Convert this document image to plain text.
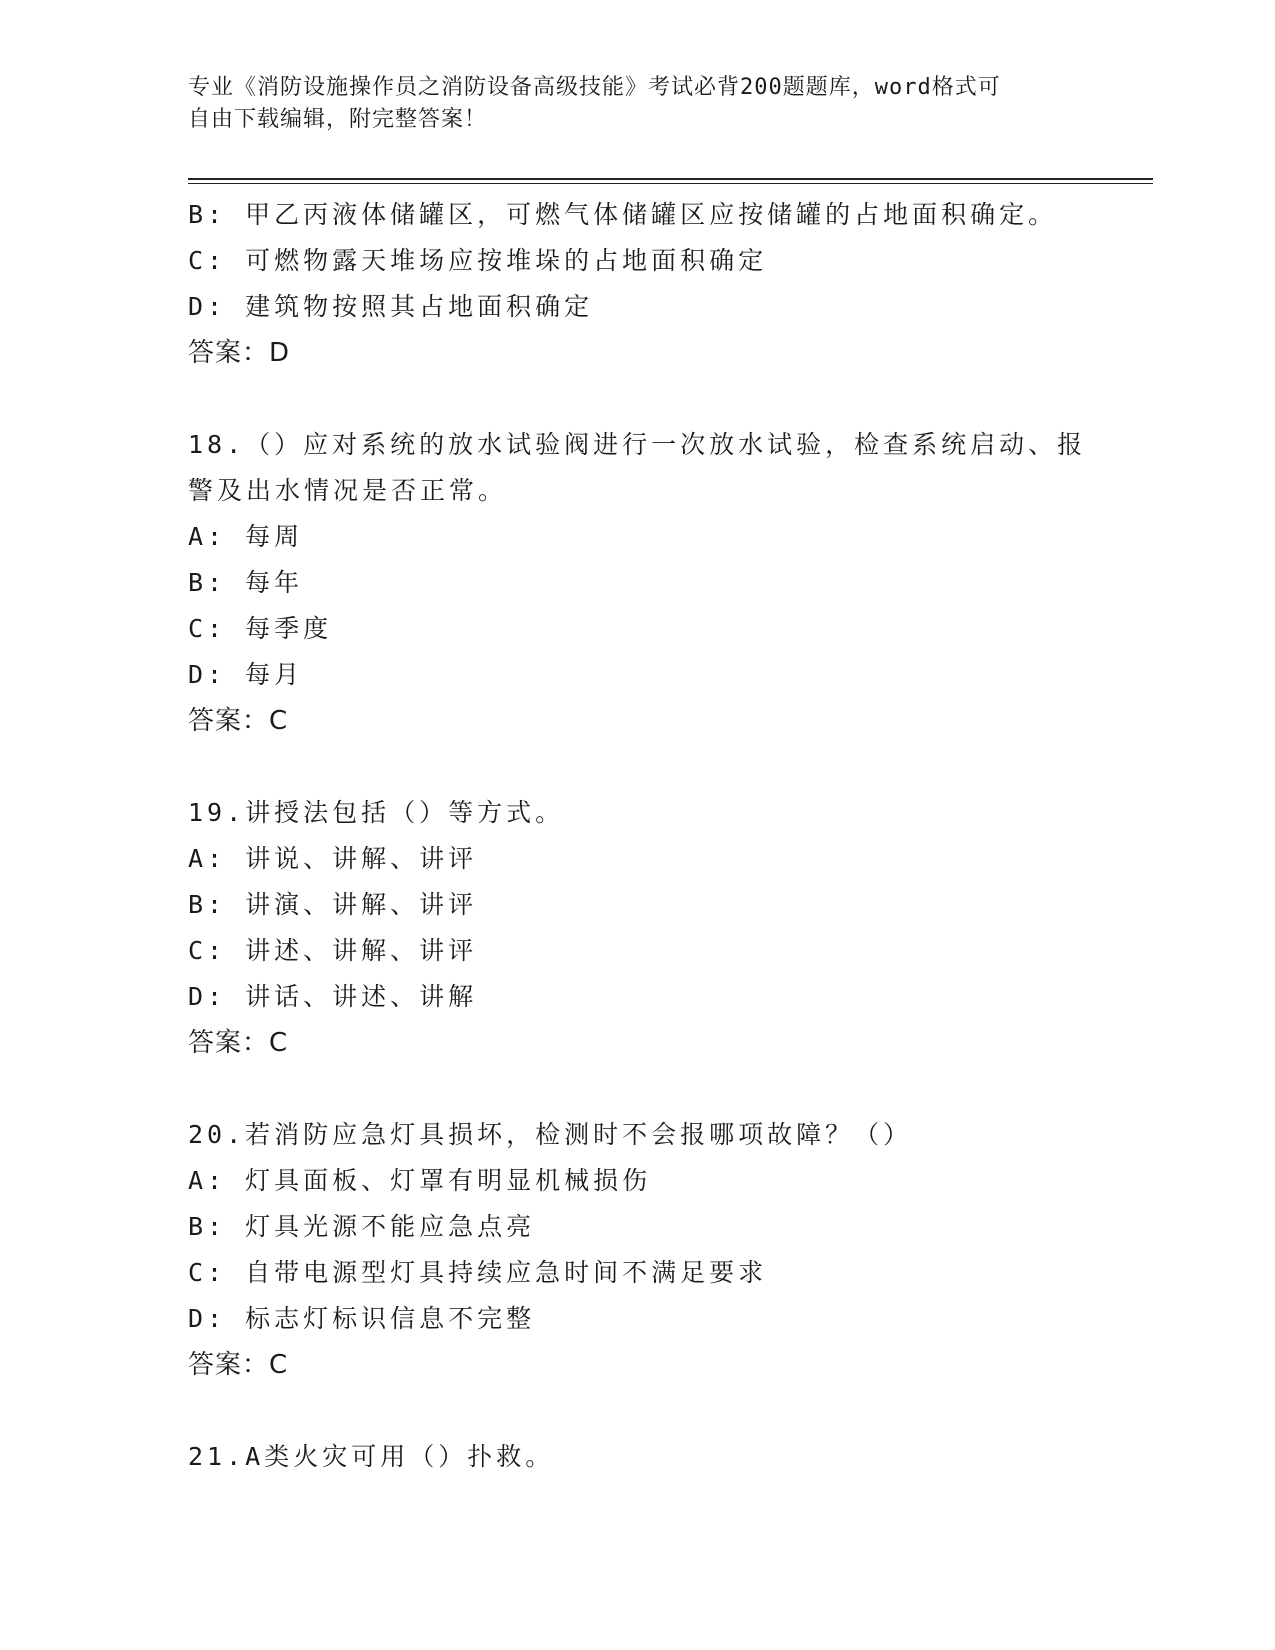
专业《消防设施操作员之消防设备高级技能》考试必背200题题库，word格式可
自由下载编辑，附完整答案！
B: 甲乙丙液体储罐区，可燃气体储罐区应按储罐的占地面积确定。
C: 可燃物露天堆场应按堆垛的占地面积确定
D: 建筑物按照其占地面积确定
答案：D
18.（）应对系统的放水试验阀进行一次放水试验，检查系统启动、报
警及出水情况是否正常。
A: 每周
B: 每年
C: 每季度
D: 每月
答案：C
19.讲授法包括（）等方式。
A: 讲说、讲解、讲评
B: 讲演、讲解、讲评
C: 讲述、讲解、讲评
D: 讲话、讲述、讲解
答案：C
20.若消防应急灯具损坏，检测时不会报哪项故障？（）
A: 灯具面板、灯罩有明显机械损伤
B: 灯具光源不能应急点亮
C: 自带电源型灯具持续应急时间不满足要求
D: 标志灯标识信息不完整
答案：C
21.A类火灾可用（）扑救。
